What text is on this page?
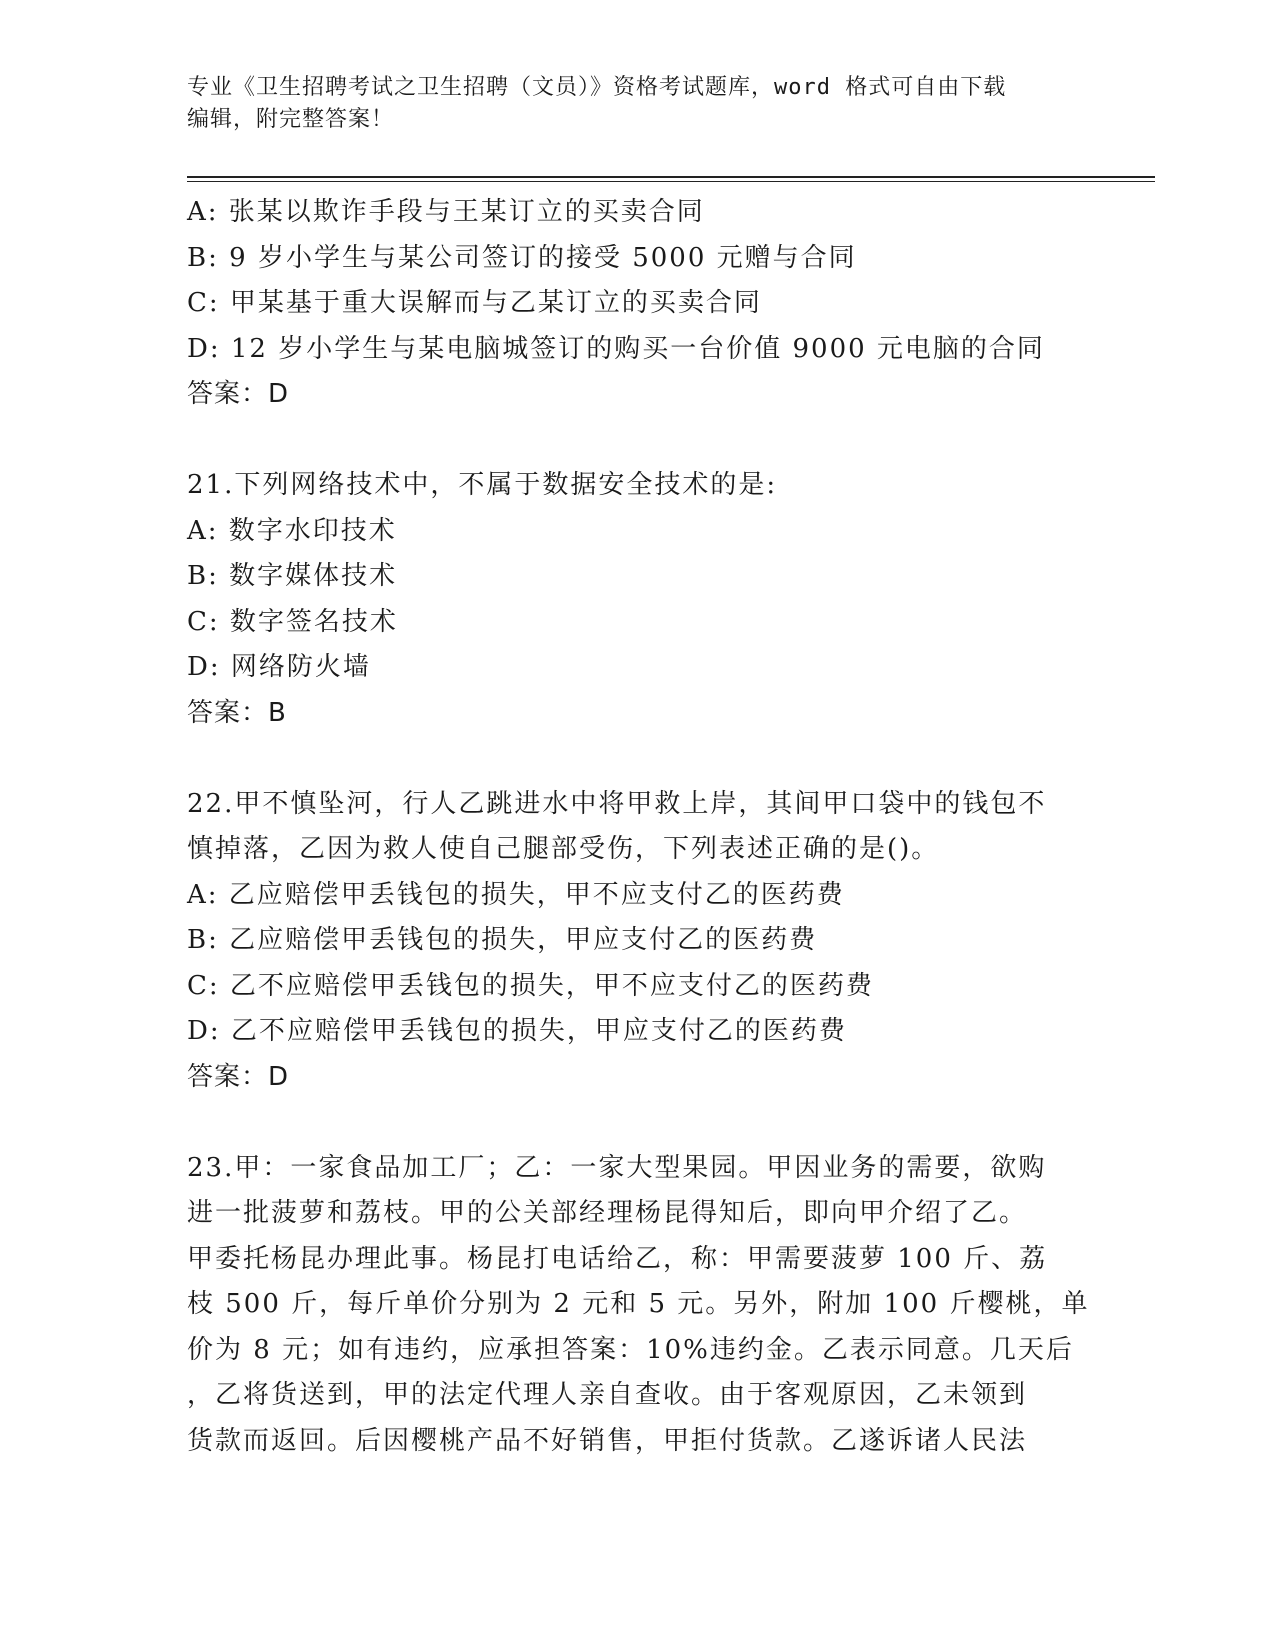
专业《卫生招聘考试之卫生招聘（文员）》资格考试题库，word 格式可自由下载
编辑，附完整答案！
A: 张某以欺诈手段与王某订立的买卖合同
B: 9 岁小学生与某公司签订的接受 5000 元赠与合同
C: 甲某基于重大误解而与乙某订立的买卖合同
D: 12 岁小学生与某电脑城签订的购买一台价值 9000 元电脑的合同
答案：D
21.下列网络技术中，不属于数据安全技术的是:
A: 数字水印技术
B: 数字媒体技术
C: 数字签名技术
D: 网络防火墙
答案：B
22.甲不慎坠河，行人乙跳进水中将甲救上岸，其间甲口袋中的钱包不
慎掉落，乙因为救人使自己腿部受伤，下列表述正确的是()。
A: 乙应赔偿甲丢钱包的损失，甲不应支付乙的医药费
B: 乙应赔偿甲丢钱包的损失，甲应支付乙的医药费
C: 乙不应赔偿甲丢钱包的损失，甲不应支付乙的医药费
D: 乙不应赔偿甲丢钱包的损失，甲应支付乙的医药费
答案：D
23.甲：一家食品加工厂；乙：一家大型果园。甲因业务的需要，欲购
进一批菠萝和荔枝。甲的公关部经理杨昆得知后，即向甲介绍了乙。
甲委托杨昆办理此事。杨昆打电话给乙，称：甲需要菠萝 100 斤、荔
枝 500 斤，每斤单价分别为 2 元和 5 元。另外，附加 100 斤樱桃，单
价为 8 元；如有违约，应承担答案：10%违约金。乙表示同意。几天后
，乙将货送到，甲的法定代理人亲自查收。由于客观原因，乙未领到
货款而返回。后因樱桃产品不好销售，甲拒付货款。乙遂诉诸人民法
